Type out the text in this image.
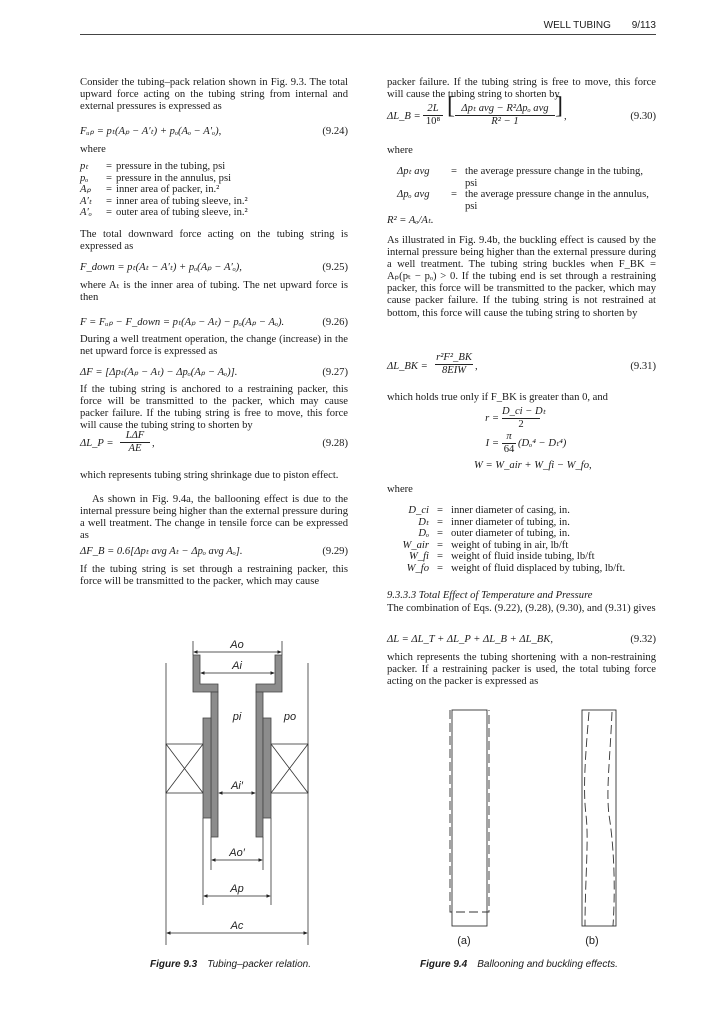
WELL TUBING 9/113
Consider the tubing–pack relation shown in Fig. 9.3. The total upward force acting on the tubing string from internal and external pressures is expressed as
Fᵤₚ = pₜ(Aₚ − A′ₜ) + pₒ(Aₒ − A′ₒ),	(9.24)
where
pₜ	= pressure in the tubing, psi
pₒ	= pressure in the annulus, psi
Aₚ	= inner area of packer, in.²
A′ₜ	= inner area of tubing sleeve, in.²
A′ₒ	= outer area of tubing sleeve, in.²
The total downward force acting on the tubing string is expressed as
F_down = pₜ(Aₜ − A′ₜ) + pₒ(Aₚ − A′ₒ),	(9.25)
where Aₜ is the inner area of tubing. The net upward force is then
F = Fᵤₚ − F_down = pₜ(Aₚ − Aₜ) − pₒ(Aₚ − Aₒ).	(9.26)
During a well treatment operation, the change (increase) in the net upward force is expressed as
ΔF = [Δpₜ(Aₚ − Aₜ) − Δpₒ(Aₚ − Aₒ)].	(9.27)
If the tubing string is anchored to a restraining packer, this force will be transmitted to the packer, which may cause packer failure. If the tubing string is free to move, this force will cause the tubing string to shorten by
ΔL_P =
LΔF
AE ,	(9.28)
which represents tubing string shrinkage due to piston effect.
As shown in Fig. 9.4a, the ballooning effect is due to the internal pressure being higher than the external pressure during a well treatment. The change in tensile force can be expressed as
ΔF_B = 0.6[Δpₜ avg Aₜ − Δpₒ avg Aₒ].	(9.29)
If the tubing string is set through a restraining packer, this force will be transmitted to the packer, which may cause
packer failure. If the tubing string is free to move, this force will cause the tubing string to shorten by
ΔL_B =
2L
10⁸
[ Δpₜ avg − R²Δpₒ avg
R² − 1
] ,	(9.30)
where
Δpₜ avg	= the average pressure change in the tubing, psi
Δpₒ avg	= the average pressure change in the annulus, psi
R² = Aₒ/Aₜ.
As illustrated in Fig. 9.4b, the buckling effect is caused by the internal pressure being higher than the external pressure during a well treatment. The tubing string buckles when F_BK = Aₚ(pₜ − pₒ) > 0. If the tubing end is set through a restraining packer, this force will be transmitted to the packer, which may cause packer failure. If the tubing string is not restrained at bottom, this force will cause the tubing string to shorten by
ΔL_BK =
r²F²_BK
8EIW ,	(9.31)
which holds true only if F_BK is greater than 0, and
r =
D_ci − Dₜ
2
I =
π
64
(Dₒ⁴ − Dₜ⁴)
W = W_air + W_fi − W_fo,
where
D_ci = inner diameter of casing, in.
Dₜ = inner diameter of tubing, in.
Dₒ = outer diameter of tubing, in.
W_air = weight of tubing in air, lb/ft
W_fi = weight of fluid inside tubing, lb/ft
W_fo = weight of fluid displaced by tubing, lb/ft.
9.3.3.3 Total Effect of Temperature and Pressure
The combination of Eqs. (9.22), (9.28), (9.30), and (9.31) gives
ΔL = ΔL_T + ΔL_P + ΔL_B + ΔL_BK,	(9.32)
which represents the tubing shortening with a non-restraining packer. If a restraining packer is used, the total tubing force acting on the packer is expressed as
Ao
Ai
pi	po
Ai′
Ao′
Ap
Ac
(a)	(b)
Figure 9.3 Tubing–packer relation.	Figure 9.4 Ballooning and buckling effects.
